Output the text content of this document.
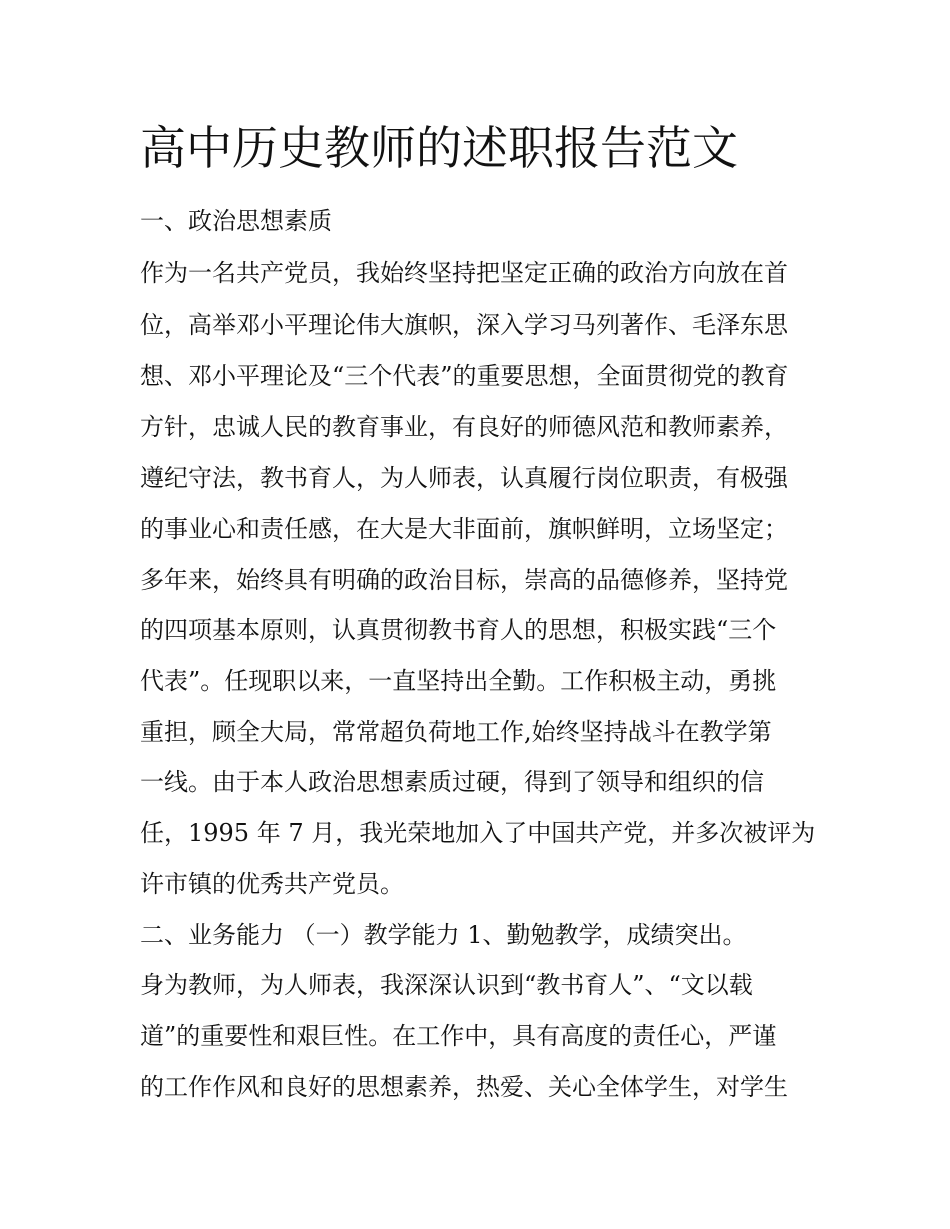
高中历史教师的述职报告范文
一、政治思想素质
作为一名共产党员，我始终坚持把坚定正确的政治方向放在首
位，高举邓小平理论伟大旗帜，深入学习马列著作、毛泽东思
想、邓小平理论及“三个代表”的重要思想，全面贯彻党的教育
方针，忠诚人民的教育事业，有良好的师德风范和教师素养，
遵纪守法，教书育人，为人师表，认真履行岗位职责，有极强
的事业心和责任感，在大是大非面前，旗帜鲜明，立场坚定；
多年来，始终具有明确的政治目标，崇高的品德修养，坚持党
的四项基本原则，认真贯彻教书育人的思想，积极实践“三个
代表”。任现职以来，一直坚持出全勤。工作积极主动，勇挑
重担，顾全大局，常常超负荷地工作,始终坚持战斗在教学第
一线。由于本人政治思想素质过硬，得到了领导和组织的信
任，1995 年 7 月，我光荣地加入了中国共产党，并多次被评为
许市镇的优秀共产党员。
二、业务能力 （一）教学能力 1、勤勉教学，成绩突出。
身为教师，为人师表，我深深认识到“教书育人”、“文以载
道”的重要性和艰巨性。在工作中，具有高度的责任心，严谨
的工作作风和良好的思想素养，热爱、关心全体学生，对学生
